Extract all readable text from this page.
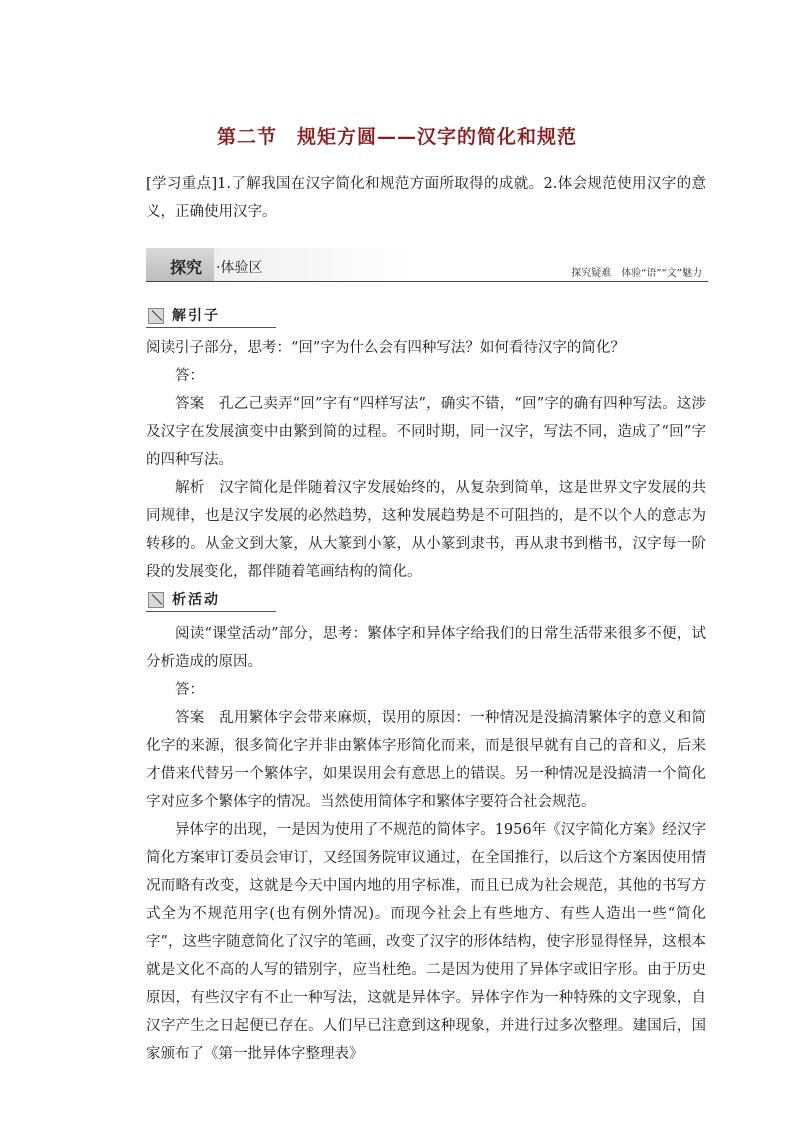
第二节　规矩方圆——汉字的简化和规范

[学习重点]1.了解我国在汉字简化和规范方面所取得的成就。2.体会规范使用汉字的意义，正确使用汉字。

探究 ·体验区	探究疑难　体验“语”“文”魅力
解引子

阅读引子部分，思考：“回”字为什么会有四种写法？如何看待汉字的简化？

答：

答案　孔乙己卖弄“回”字有“四样写法”，确实不错，“回”字的确有四种写法。这涉及汉字在发展演变中由繁到简的过程。不同时期，同一汉字，写法不同，造成了“回”字的四种写法。

解析　汉字简化是伴随着汉字发展始终的，从复杂到简单，这是世界文字发展的共同规律，也是汉字发展的必然趋势，这种发展趋势是不可阻挡的，是不以个人的意志为转移的。从金文到大篆，从大篆到小篆，从小篆到隶书，再从隶书到楷书，汉字每一阶段的发展变化，都伴随着笔画结构的简化。

析活动

阅读“课堂活动”部分，思考：繁体字和异体字给我们的日常生活带来很多不便，试分析造成的原因。

答：

答案　乱用繁体字会带来麻烦，误用的原因：一种情况是没搞清繁体字的意义和简化字的来源，很多简化字并非由繁体字形简化而来，而是很早就有自己的音和义，后来才借来代替另一个繁体字，如果误用会有意思上的错误。另一种情况是没搞清一个简化字对应多个繁体字的情况。当然使用简体字和繁体字要符合社会规范。

异体字的出现，一是因为使用了不规范的简体字。1956年《汉字简化方案》经汉字简化方案审订委员会审订，又经国务院审议通过，在全国推行，以后这个方案因使用情况而略有改变，这就是今天中国内地的用字标准，而且已成为社会规范，其他的书写方式全为不规范用字(也有例外情况)。而现今社会上有些地方、有些人造出一些“简化字”，这些字随意简化了汉字的笔画，改变了汉字的形体结构，使字形显得怪异，这根本就是文化不高的人写的错别字，应当杜绝。二是因为使用了异体字或旧字形。由于历史原因，有些汉字有不止一种写法，这就是异体字。异体字作为一种特殊的文字现象，自汉字产生之日起便已存在。人们早已注意到这种现象，并进行过多次整理。建国后，国家颁布了《第一批异体字整理表》
